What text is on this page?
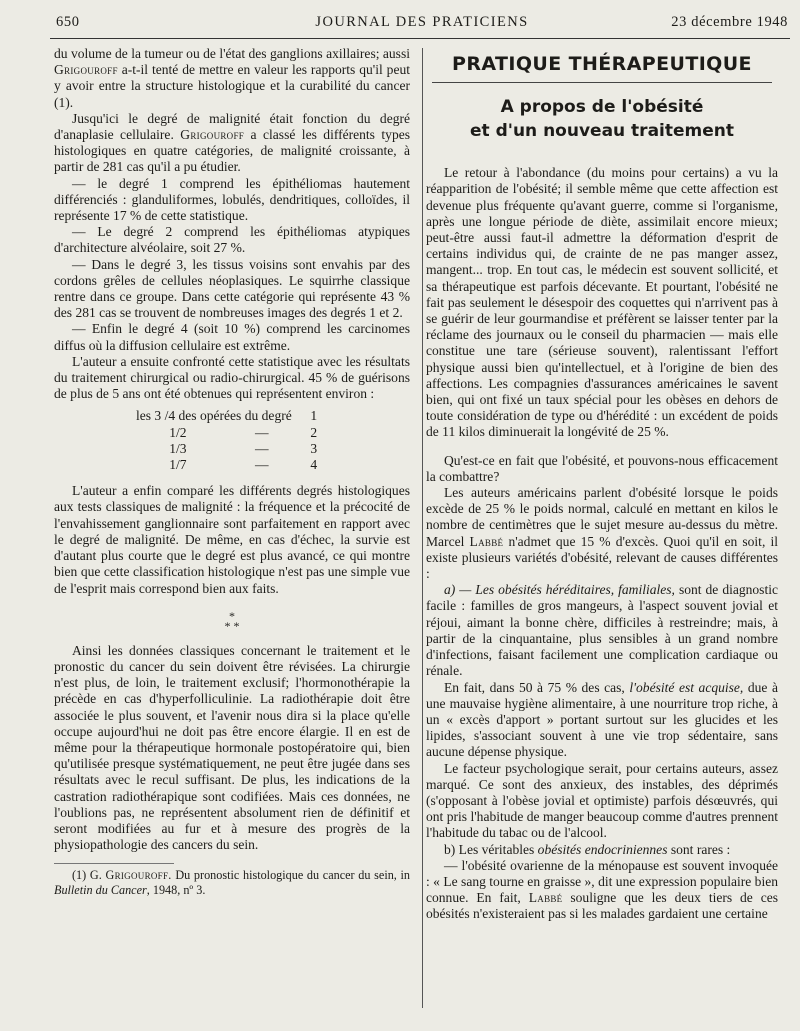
650	JOURNAL DES PRATICIENS	23 décembre 1948

du volume de la tumeur ou de l'état des ganglions axillaires; aussi Grigouroff a-t-il tenté de mettre en valeur les rapports qu'il peut y avoir entre la structure histologique et la curabilité du cancer (1).

Jusqu'ici le degré de malignité était fonction du degré d'anaplasie cellulaire. Grigouroff a classé les différents types histologiques en quatre catégories, de malignité croissante, à partir de 281 cas qu'il a pu étudier.

— le degré 1 comprend les épithéliomas hautement différenciés : glanduliformes, lobulés, dendritiques, colloïdes, il représente 17 % de cette statistique.

— Le degré 2 comprend les épithéliomas atypiques d'architecture alvéolaire, soit 27 %.

— Dans le degré 3, les tissus voisins sont envahis par des cordons grêles de cellules néoplasiques. Le squirrhe classique rentre dans ce groupe. Dans cette catégorie qui représente 43 % des 281 cas se trouvent de nombreuses images des degrés 1 et 2.

— Enfin le degré 4 (soit 10 %) comprend les carcinomes diffus où la diffusion cellulaire est extrême.

L'auteur a ensuite confronté cette statistique avec les résultats du traitement chirurgical ou radio-chirurgical. 45 % de guérisons de plus de 5 ans ont été obtenues qui représentent environ :

les 3 /4 des opérées du degré		1
1/2	—	2
1/3	—	3
1/7	—	4

L'auteur a enfin comparé les différents degrés histologiques aux tests classiques de malignité : la fréquence et la précocité de l'envahissement ganglionnaire sont parfaitement en rapport avec le degré de malignité. De même, en cas d'échec, la survie est d'autant plus courte que le degré est plus avancé, ce qui montre bien que cette classification histologique n'est pas une simple vue de l'esprit mais correspond bien aux faits.

*
* *

Ainsi les données classiques concernant le traitement et le pronostic du cancer du sein doivent être révisées. La chirurgie n'est plus, de loin, le traitement exclusif; l'hormonothérapie la précède en cas d'hyperfolliculinie. La radiothérapie doit être associée le plus souvent, et l'avenir nous dira si la place qu'elle occupe aujourd'hui ne doit pas être encore élargie. Il en est de même pour la thérapeutique hormonale postopératoire qui, bien qu'utilisée presque systématiquement, ne peut être jugée dans ses résultats avec le recul suffisant. De plus, les indications de la castration radiothérapique sont codifiées. Mais ces données, ne l'oublions pas, ne représentent absolument rien de définitif et seront modifiées au fur et à mesure des progrès de la physiopathologie des cancers du sein.

(1) G. Grigouroff. Du pronostic histologique du cancer du sein, in Bulletin du Cancer, 1948, nº 3.

PRATIQUE THÉRAPEUTIQUE
A propos de l'obésité
et d'un nouveau traitement

Le retour à l'abondance (du moins pour certains) a vu la réapparition de l'obésité; il semble même que cette affection est devenue plus fréquente qu'avant guerre, comme si l'organisme, après une longue période de diète, assimilait encore mieux; peut-être aussi faut-il admettre la déformation d'esprit de certains individus qui, de crainte de ne pas manger assez, mangent... trop. En tout cas, le médecin est souvent sollicité, et sa thérapeutique est parfois décevante. Et pourtant, l'obésité ne fait pas seulement le désespoir des coquettes qui n'arrivent pas à se guérir de leur gourmandise et préfèrent se laisser tenter par la réclame des journaux ou le conseil du pharmacien — mais elle constitue une tare (sérieuse souvent), ralentissant l'effort physique aussi bien qu'intellectuel, et à l'origine de bien des affections. Les compagnies d'assurances américaines le savent bien, qui ont fixé un taux spécial pour les obèses en dehors de toute considération de type ou d'hérédité : un excédent de poids de 11 kilos diminuerait la longévité de 25 %.

Qu'est-ce en fait que l'obésité, et pouvons-nous efficacement la combattre?

Les auteurs américains parlent d'obésité lorsque le poids excède de 25 % le poids normal, calculé en mettant en kilos le nombre de centimètres que le sujet mesure au-dessus du mètre. Marcel Labbé n'admet que 15 % d'excès. Quoi qu'il en soit, il existe plusieurs variétés d'obésité, relevant de causes différentes :

a) — Les obésités héréditaires, familiales, sont de diagnostic facile : familles de gros mangeurs, à l'aspect souvent jovial et réjoui, aimant la bonne chère, difficiles à restreindre; mais, à partir de la cinquantaine, plus sensibles à un grand nombre d'infections, faisant facilement une complication cardiaque ou rénale.

En fait, dans 50 à 75 % des cas, l'obésité est acquise, due à une mauvaise hygiène alimentaire, à une nourriture trop riche, à un « excès d'apport » portant surtout sur les glucides et les lipides, s'associant souvent à une vie trop sédentaire, sans aucune dépense physique.

Le facteur psychologique serait, pour certains auteurs, assez marqué. Ce sont des anxieux, des instables, des déprimés (s'opposant à l'obèse jovial et optimiste) parfois désœuvrés, qui ont pris l'habitude de manger beaucoup comme d'autres prennent l'habitude du tabac ou de l'alcool.

b) Les véritables obésités endocriniennes sont rares :

— l'obésité ovarienne de la ménopause est souvent invoquée : « Le sang tourne en graisse », dit une expression populaire bien connue. En fait, Labbé souligne que les deux tiers de ces obésités n'existeraient pas si les malades gardaient une certaine
